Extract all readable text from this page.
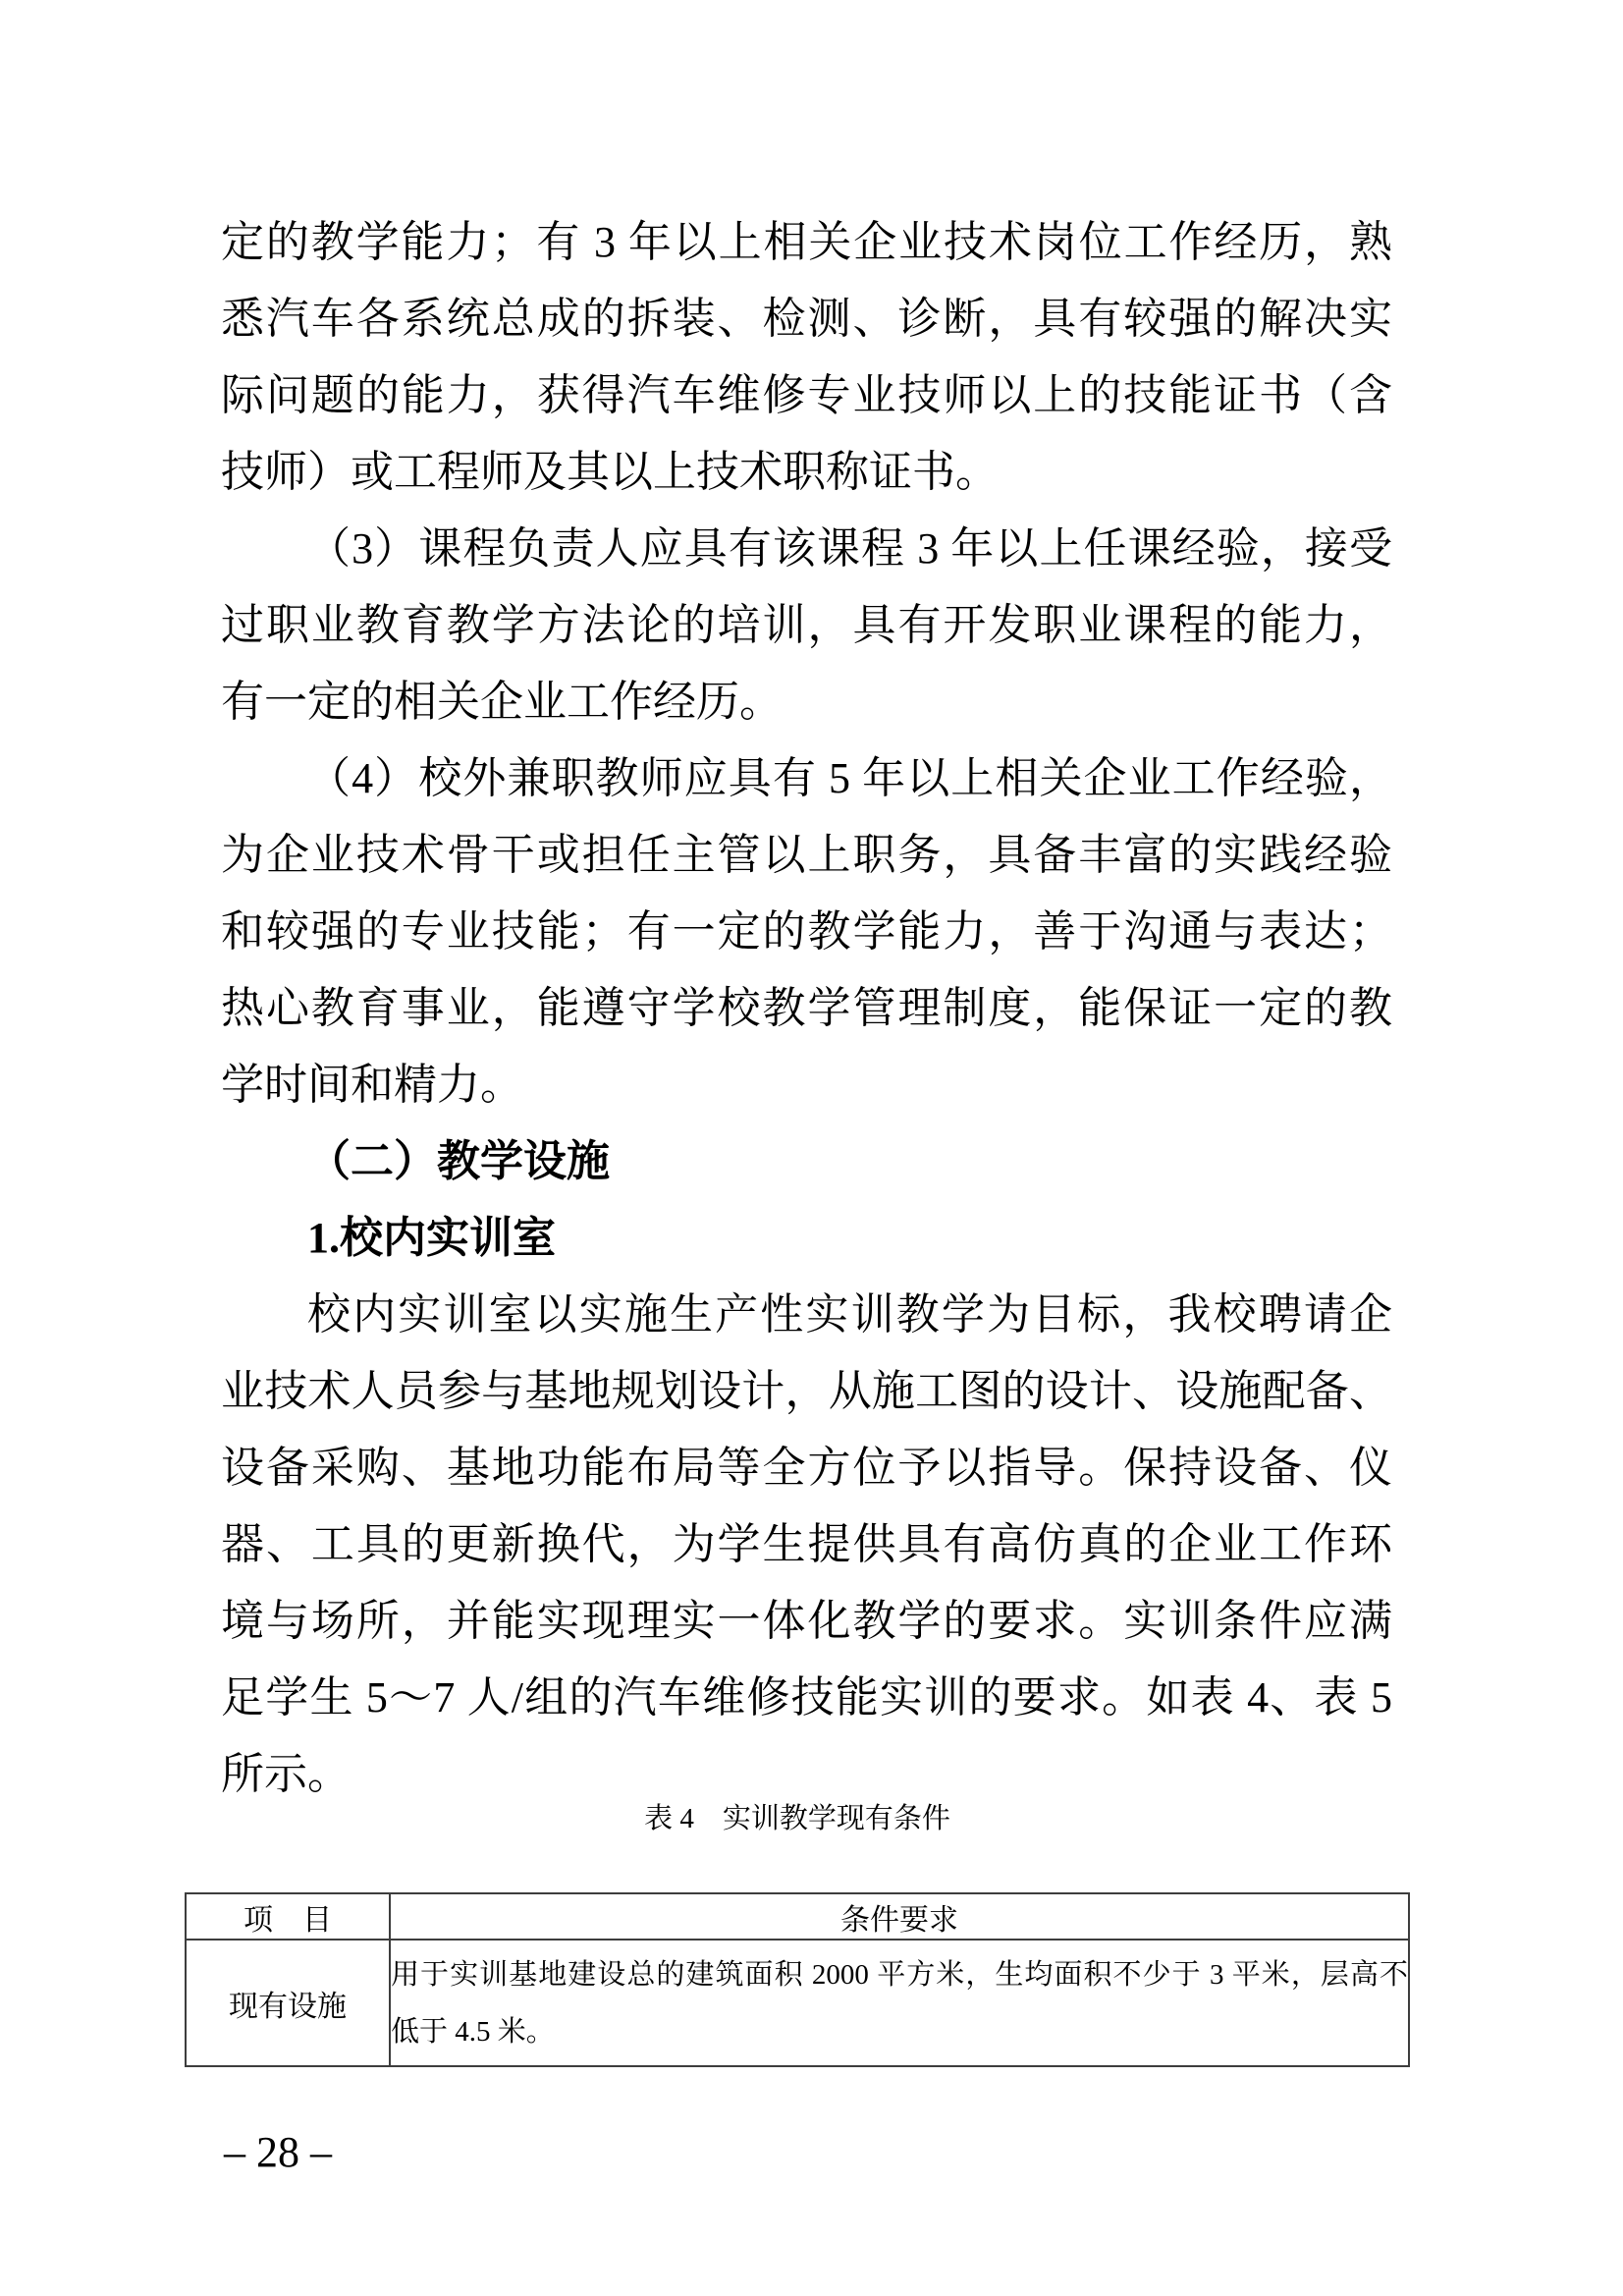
定的教学能力；有 3 年以上相关企业技术岗位工作经历，熟
悉汽车各系统总成的拆装、检测、诊断，具有较强的解决实
际问题的能力，获得汽车维修专业技师以上的技能证书（含
技师）或工程师及其以上技术职称证书。
（3）课程负责人应具有该课程 3 年以上任课经验，接受
过职业教育教学方法论的培训，具有开发职业课程的能力，
有一定的相关企业工作经历。
（4）校外兼职教师应具有 5 年以上相关企业工作经验，
为企业技术骨干或担任主管以上职务，具备丰富的实践经验
和较强的专业技能；有一定的教学能力，善于沟通与表达；
热心教育事业，能遵守学校教学管理制度，能保证一定的教
学时间和精力。
（二）教学设施
1.校内实训室
校内实训室以实施生产性实训教学为目标，我校聘请企
业技术人员参与基地规划设计，从施工图的设计、设施配备、
设备采购、基地功能布局等全方位予以指导。保持设备、仪
器、工具的更新换代，为学生提供具有高仿真的企业工作环
境与场所，并能实现理实一体化教学的要求。实训条件应满
足学生 5～7 人/组的汽车维修技能实训的要求。如表 4、表 5
所示。
表 4　实训教学现有条件
项　目	条件要求
现有设施	用于实训基地建设总的建筑面积 2000 平方米，生均面积不少于 3 平米，层高不
低于 4.5 米。
– 28 –
